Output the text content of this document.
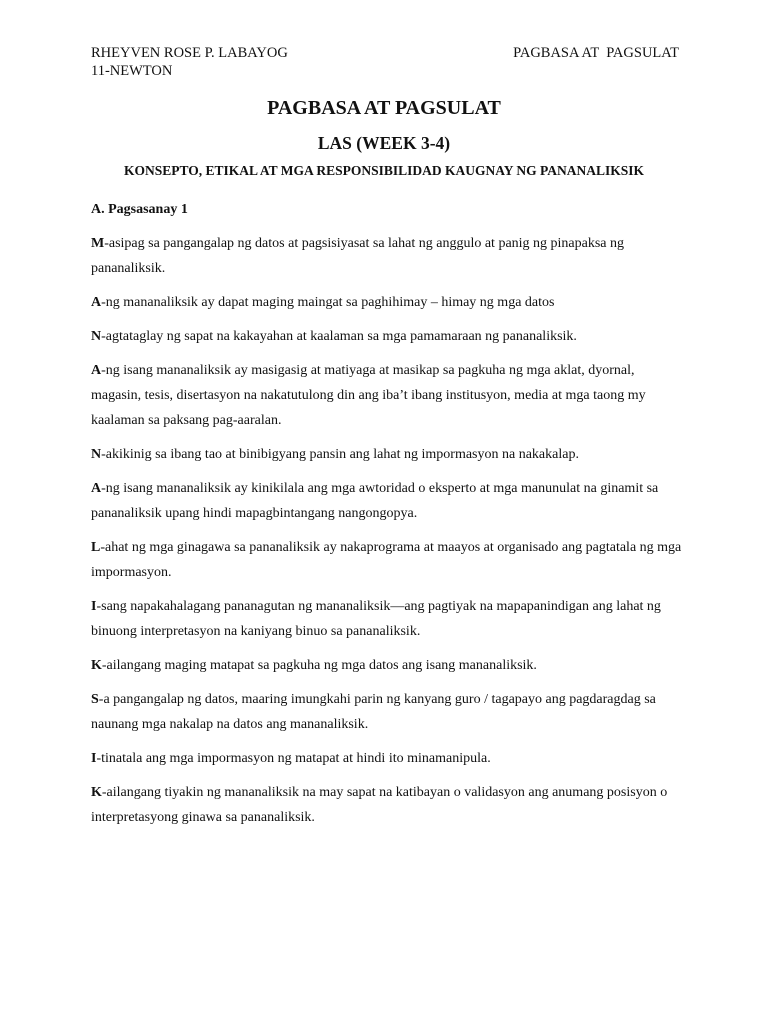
RHEYVEN ROSE P. LABAYOG
11-NEWTON
PAGBASA AT  PAGSULAT
PAGBASA AT PAGSULAT
LAS (WEEK 3-4)
KONSEPTO, ETIKAL AT MGA RESPONSIBILIDAD KAUGNAY NG PANANALIKSIK
A. Pagsasanay 1

M-asipag sa pangangalap ng datos at pagsisiyasat sa lahat ng anggulo at panig ng pinapaksa ng pananaliksik.

A-ng mananaliksik ay dapat maging maingat sa paghihimay – himay ng mga datos

N-agtataglay ng sapat na kakayahan at kaalaman sa mga pamamaraan ng pananaliksik.

A-ng isang mananaliksik ay masigasig at matiyaga at masikap sa pagkuha ng mga aklat, dyornal, magasin, tesis, disertasyon na nakatutulong din ang iba’t ibang institusyon, media at mga taong my kaalaman sa paksang pag-aaralan.

N-akikinig sa ibang tao at binibigyang pansin ang lahat ng impormasyon na nakakalap.

A-ng isang mananaliksik ay kinikilala ang mga awtoridad o eksperto at mga manunulat na ginamit sa pananaliksik upang hindi mapagbintangang nangongopya.

L-ahat ng mga ginagawa sa pananaliksik ay nakaprograma at maayos at organisado ang pagtatala ng mga impormasyon.

I-sang napakahalagang pananagutan ng mananaliksik—ang pagtiyak na mapapanindigan ang lahat ng binuong interpretasyon na kaniyang binuo sa pananaliksik.

K-ailangang maging matapat sa pagkuha ng mga datos ang isang mananaliksik.

S-a pangangalap ng datos, maaring imungkahi parin ng kanyang guro / tagapayo ang pagdaragdag sa naunang mga nakalap na datos ang mananaliksik.

I-tinatala ang mga impormasyon ng matapat at hindi ito minamanipula.

K-ailangang tiyakin ng mananaliksik na may sapat na katibayan o validasyon ang anumang posisyon o interpretasyong ginawa sa pananaliksik.
